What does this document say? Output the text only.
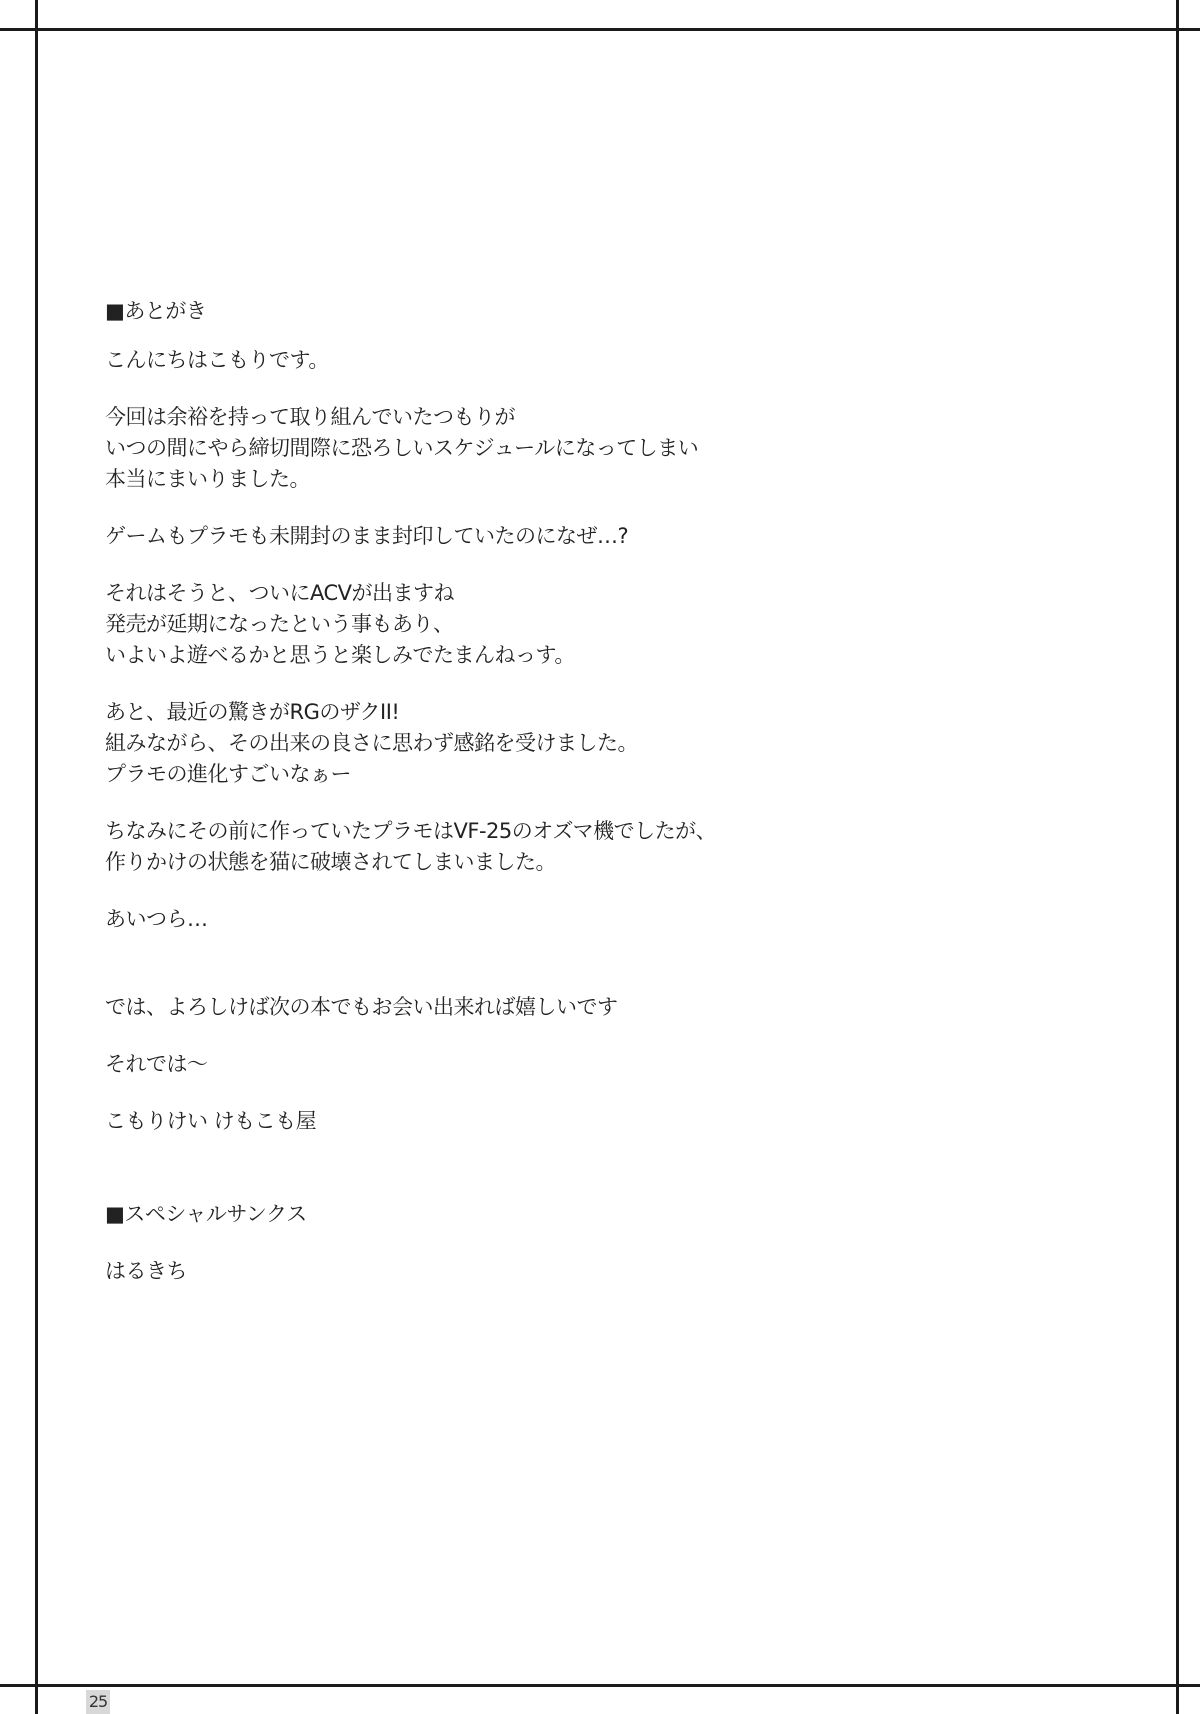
■あとがき
こんにちはこもりです。
今回は余裕を持って取り組んでいたつもりが
いつの間にやら締切間際に恐ろしいスケジュールになってしまい
本当にまいりました。
ゲームもプラモも未開封のまま封印していたのになぜ…?
それはそうと、ついにACVが出ますね
発売が延期になったという事もあり、
いよいよ遊べるかと思うと楽しみでたまんねっす。
あと、最近の驚きがRGのザクII!
組みながら、その出来の良さに思わず感銘を受けました。
プラモの進化すごいなぁー
ちなみにその前に作っていたプラモはVF-25のオズマ機でしたが、
作りかけの状態を猫に破壊されてしまいました。
あいつら…
では、よろしけば次の本でもお会い出来れば嬉しいです
それでは～
こもりけい けもこも屋
■スペシャルサンクス
はるきち
25
